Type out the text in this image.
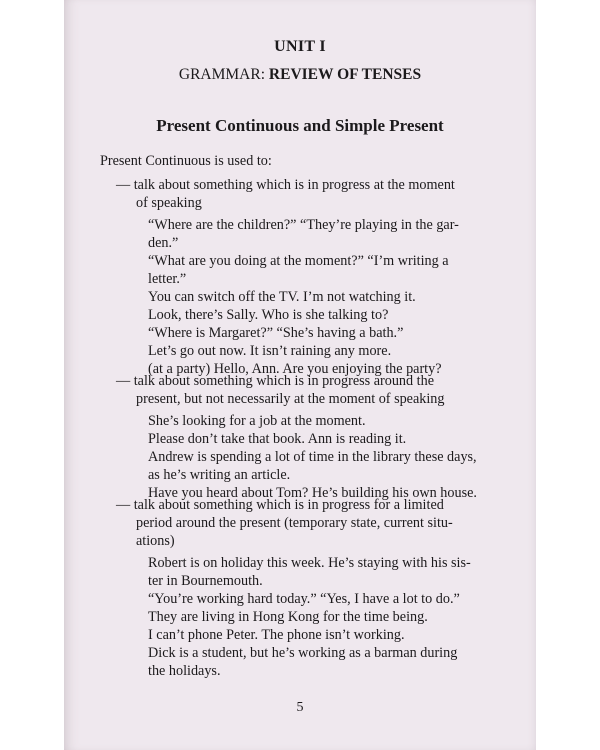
UNIT I
GRAMMAR: REVIEW OF TENSES
Present Continuous and Simple Present
Present Continuous is used to:
— talk about something which is in progress at the moment
of speaking
“Where are the children?” “They’re playing in the gar-
den.”
“What are you doing at the moment?” “I’m writing a
letter.”
You can switch off the TV. I’m not watching it.
Look, there’s Sally. Who is she talking to?
“Where is Margaret?” “She’s having a bath.”
Let’s go out now. It isn’t raining any more.
(at a party) Hello, Ann. Are you enjoying the party?
— talk about something which is in progress around the
present, but not necessarily at the moment of speaking
She’s looking for a job at the moment.
Please don’t take that book. Ann is reading it.
Andrew is spending a lot of time in the library these days,
as he’s writing an article.
Have you heard about Tom? He’s building his own house.
— talk about something which is in progress for a limited
period around the present (temporary state, current situ-
ations)
Robert is on holiday this week. He’s staying with his sis-
ter in Bournemouth.
“You’re working hard today.” “Yes, I have a lot to do.”
They are living in Hong Kong for the time being.
I can’t phone Peter. The phone isn’t working.
Dick is a student, but he’s working as a barman during
the holidays.
5
